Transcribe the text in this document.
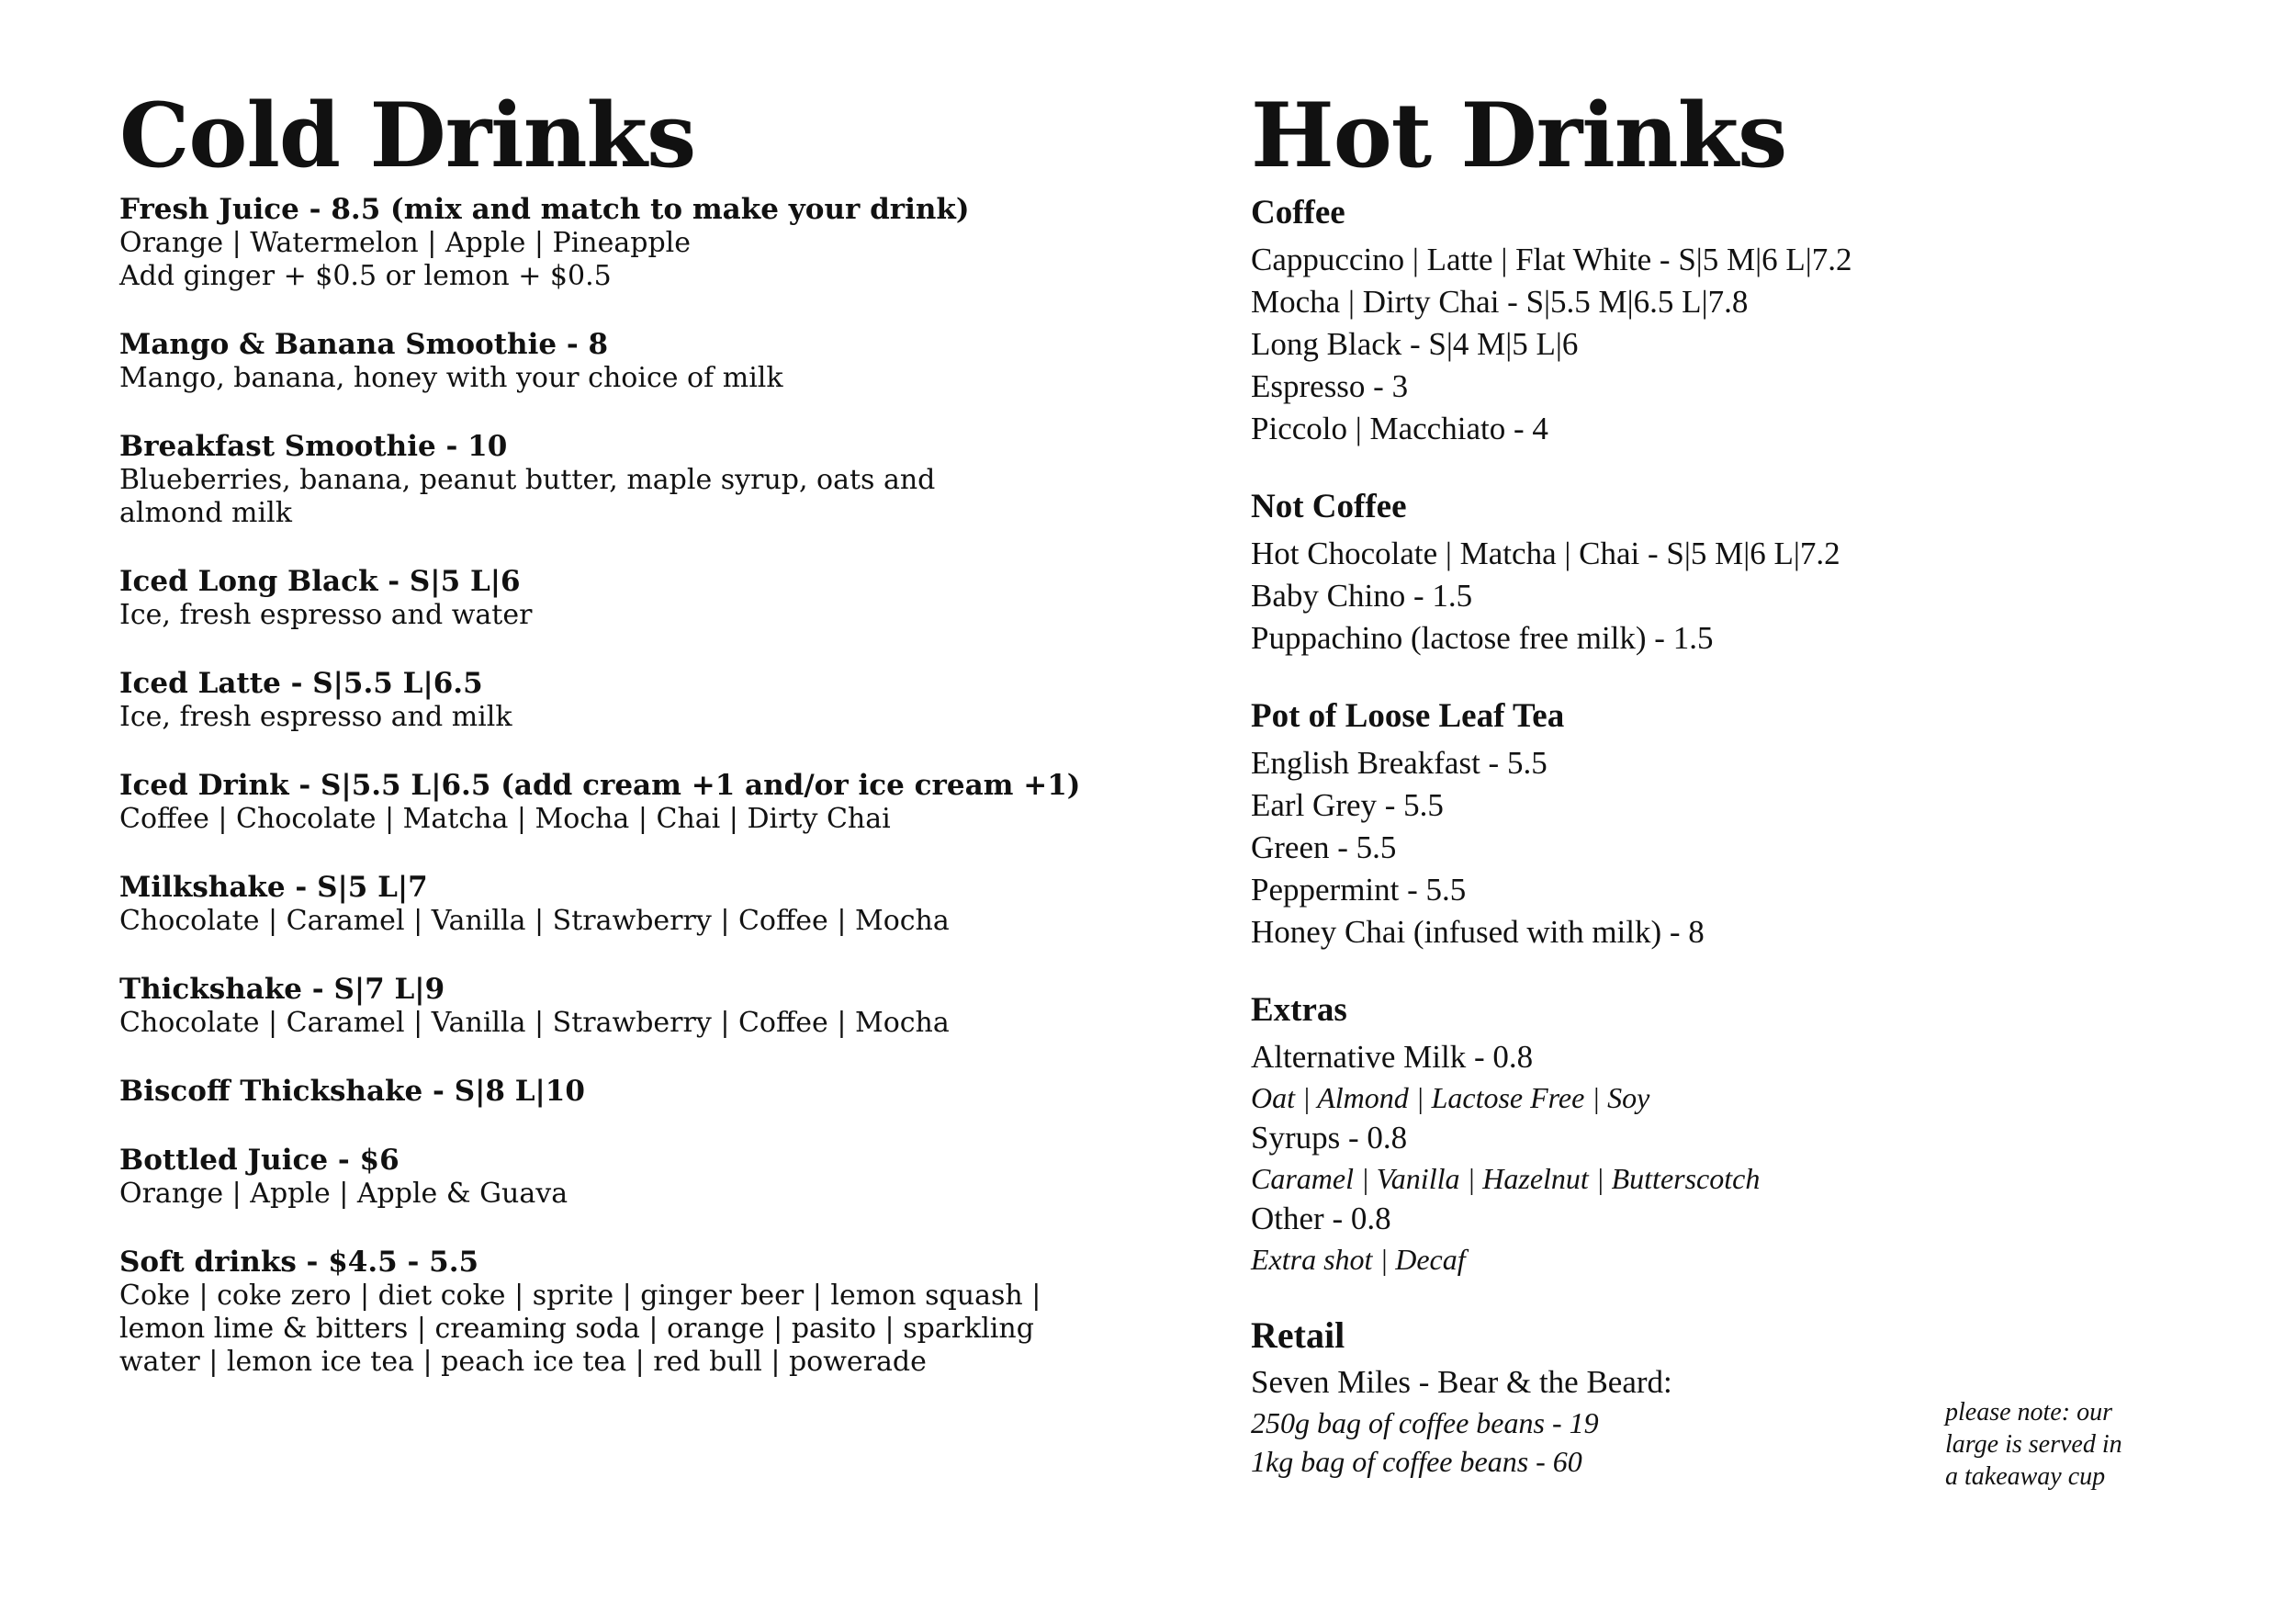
Cold Drinks
Fresh Juice - 8.5 (mix and match to make your drink)
Orange | Watermelon | Apple | Pineapple
Add ginger + $0.5 or lemon + $0.5
Mango & Banana Smoothie - 8
Mango, banana, honey with your choice of milk
Breakfast Smoothie - 10
Blueberries, banana, peanut butter, maple syrup, oats and
almond milk
Iced Long Black - S|5 L|6
Ice, fresh espresso and water
Iced Latte - S|5.5 L|6.5
Ice, fresh espresso and milk
Iced Drink - S|5.5 L|6.5 (add cream +1 and/or ice cream +1)
Coffee | Chocolate | Matcha | Mocha | Chai | Dirty Chai
Milkshake - S|5 L|7
Chocolate | Caramel | Vanilla | Strawberry | Coffee | Mocha
Thickshake - S|7 L|9
Chocolate | Caramel | Vanilla | Strawberry | Coffee | Mocha
Biscoff Thickshake - S|8 L|10
Bottled Juice - $6
Orange | Apple | Apple & Guava
Soft drinks - $4.5 - 5.5
Coke | coke zero | diet coke | sprite | ginger beer | lemon squash |
lemon lime & bitters | creaming soda | orange | pasito | sparkling
water | lemon ice tea | peach ice tea | red bull | powerade
Hot Drinks
Coffee
Cappuccino | Latte | Flat White - S|5 M|6 L|7.2
Mocha | Dirty Chai - S|5.5 M|6.5 L|7.8
Long Black - S|4 M|5 L|6
Espresso - 3
Piccolo | Macchiato - 4
Not Coffee
Hot Chocolate | Matcha | Chai - S|5 M|6 L|7.2
Baby Chino - 1.5
Puppachino (lactose free milk) - 1.5
Pot of Loose Leaf Tea
English Breakfast - 5.5
Earl Grey - 5.5
Green - 5.5
Peppermint - 5.5
Honey Chai (infused with milk) - 8
Extras
Alternative Milk - 0.8
Oat | Almond | Lactose Free | Soy
Syrups - 0.8
Caramel | Vanilla | Hazelnut | Butterscotch
Other - 0.8
Extra shot | Decaf
Retail
Seven Miles - Bear & the Beard:
250g bag of coffee beans - 19
1kg bag of coffee beans - 60
please note: our
large is served in
a takeaway cup
